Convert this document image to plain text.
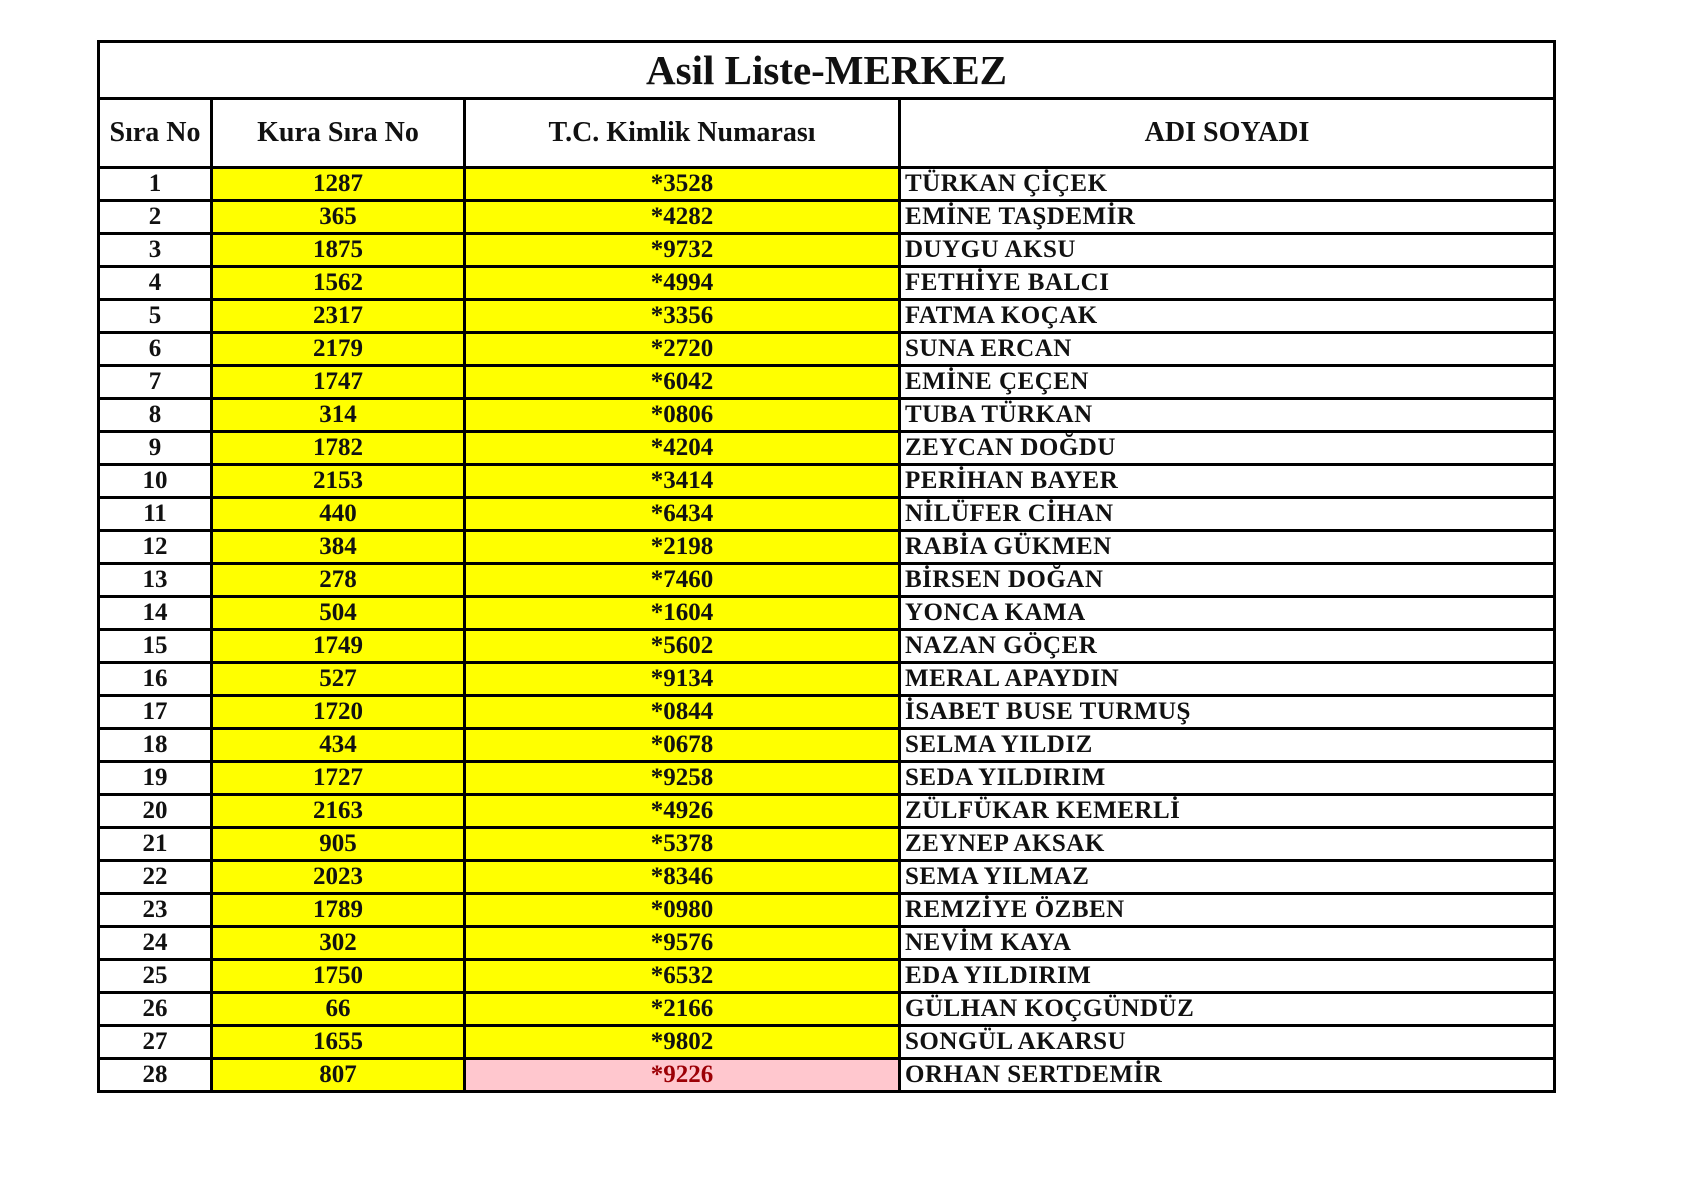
Asil Liste-MERKEZ			
Sıra No	Kura Sıra No	T.C. Kimlik Numarası	ADI SOYADI
1	1287	*3528	TÜRKAN ÇİÇEK
2	365	*4282	EMİNE TAŞDEMİR
3	1875	*9732	DUYGU AKSU
4	1562	*4994	FETHİYE BALCI
5	2317	*3356	FATMA KOÇAK
6	2179	*2720	SUNA ERCAN
7	1747	*6042	EMİNE ÇEÇEN
8	314	*0806	TUBA TÜRKAN
9	1782	*4204	ZEYCAN DOĞDU
10	2153	*3414	PERİHAN BAYER
11	440	*6434	NİLÜFER CİHAN
12	384	*2198	RABİA GÜKMEN
13	278	*7460	BİRSEN DOĞAN
14	504	*1604	YONCA KAMA
15	1749	*5602	NAZAN GÖÇER
16	527	*9134	MERAL APAYDIN
17	1720	*0844	İSABET BUSE TURMUŞ
18	434	*0678	SELMA YILDIZ
19	1727	*9258	SEDA YILDIRIM
20	2163	*4926	ZÜLFÜKAR KEMERLİ
21	905	*5378	ZEYNEP AKSAK
22	2023	*8346	SEMA YILMAZ
23	1789	*0980	REMZİYE ÖZBEN
24	302	*9576	NEVİM KAYA
25	1750	*6532	EDA YILDIRIM
26	66	*2166	GÜLHAN KOÇGÜNDÜZ
27	1655	*9802	SONGÜL AKARSU
28	807	*9226	ORHAN SERTDEMİR
